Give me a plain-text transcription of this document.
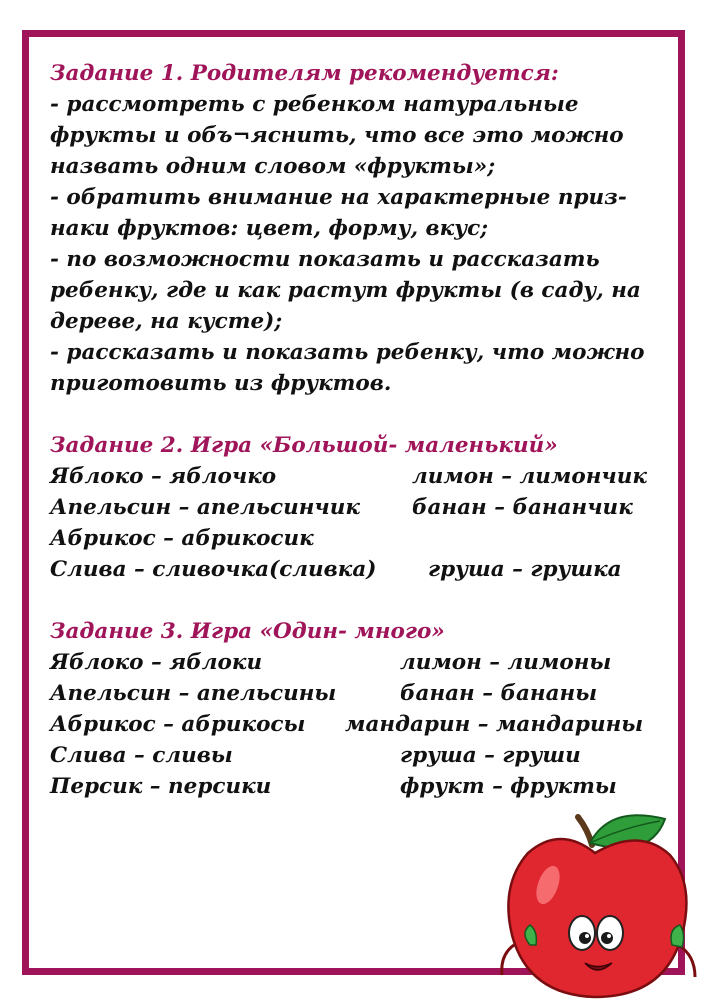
Задание 1. Родителям рекомендуется:
- рассмотреть с ребенком натуральные
фрукты и объ¬яснить, что все это можно
назвать одним словом «фрукты»;
- обратить внимание на характерные приз-
наки фруктов: цвет, форму, вкус;
- по возможности показать и рассказать
ребенку, где и как растут фрукты (в саду, на
дереве, на кусте);
- рассказать и показать ребенку, что можно
приготовить из фруктов.
Задание 2. Игра «Большой- маленький»
Яблоко – яблочко	лимон – лимончик
Апельсин – апельсинчик банан – бананчик
Абрикос – абрикосик
Слива – сливочка(сливка) груша – грушка
Задание 3. Игра «Один- много»
Яблоко – яблоки	лимон – лимоны
Апельсин – апельсины	банан – бананы
Абрикос – абрикосы мандарин – мандарины
Слива – сливы	груша – груши
Персик – персики	фрукт – фрукты
